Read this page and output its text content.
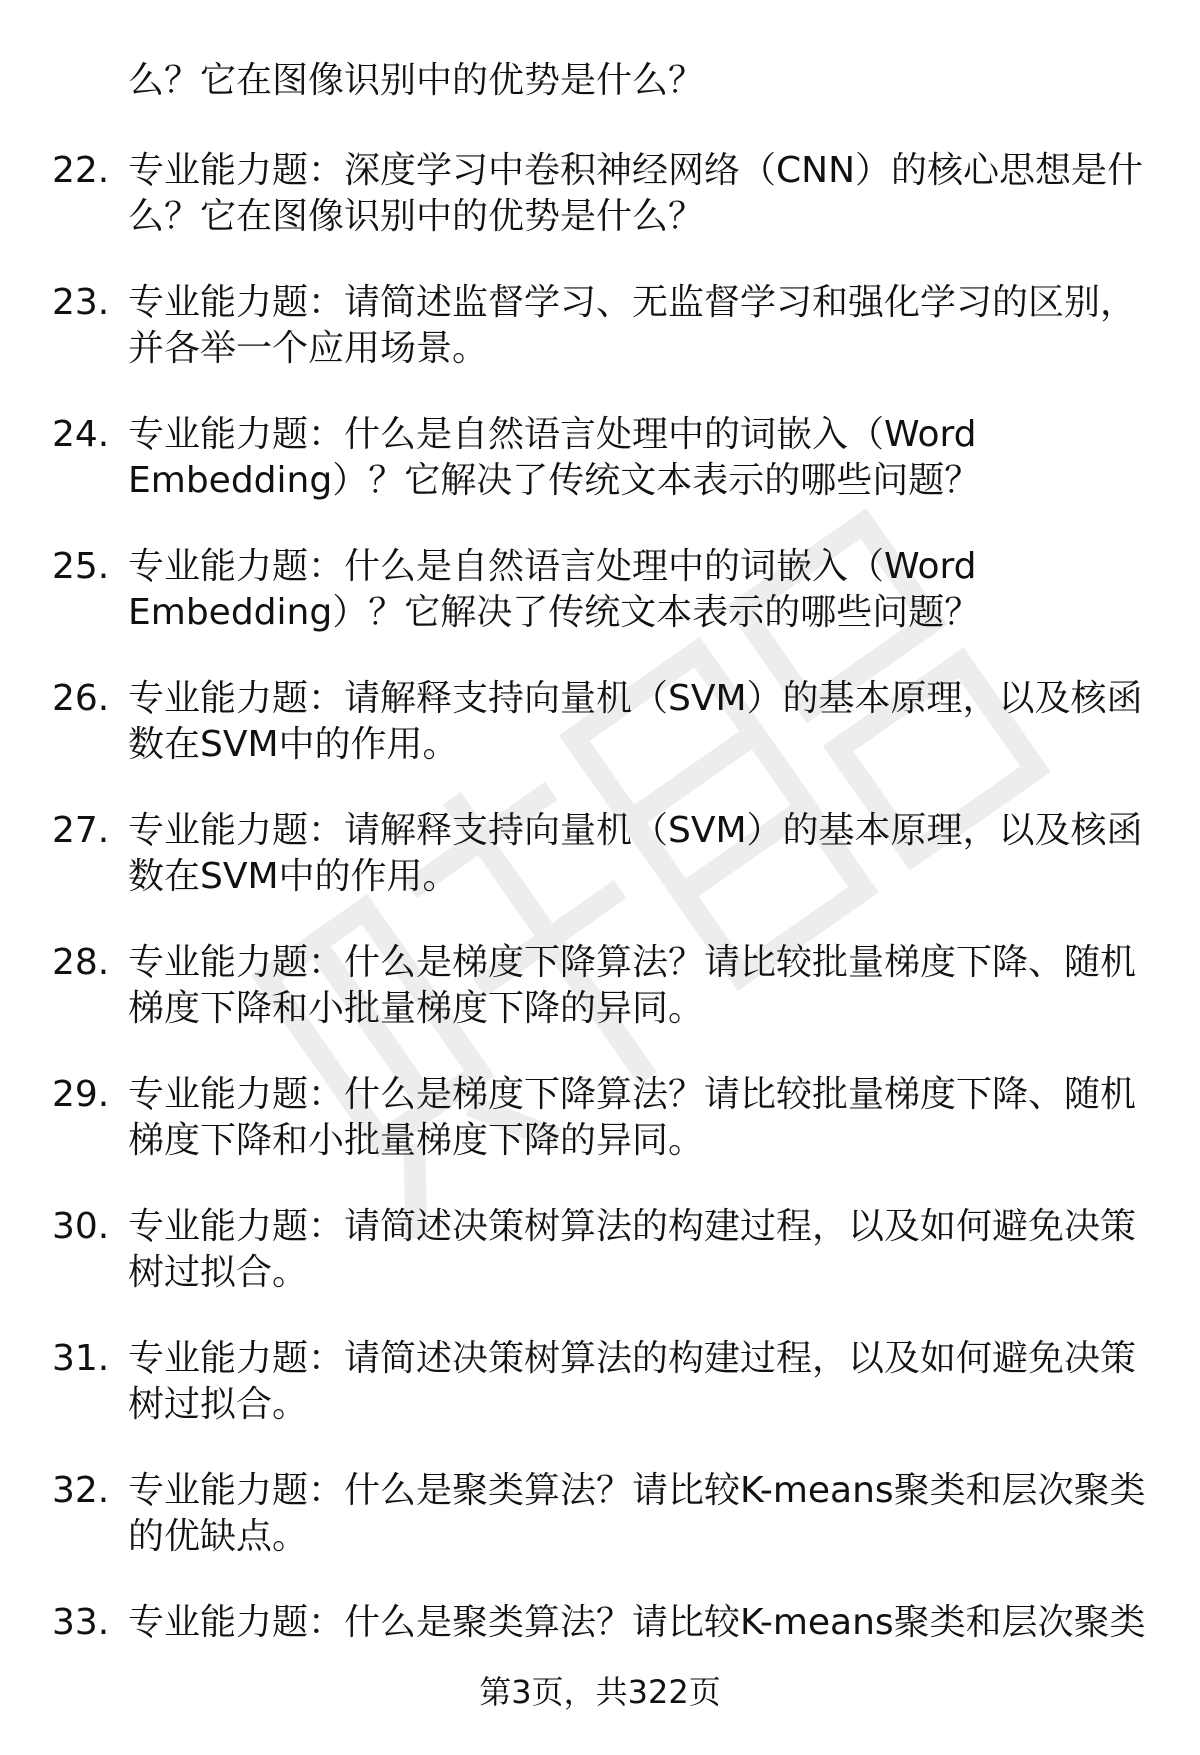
么？它在图像识别中的优势是什么？
22. 专业能力题：深度学习中卷积神经网络（CNN）的核心思想是什
么？它在图像识别中的优势是什么？
23. 专业能力题：请简述监督学习、无监督学习和强化学习的区别，
并各举一个应用场景。
24. 专业能力题：什么是自然语言处理中的词嵌入（Word
Embedding）？它解决了传统文本表示的哪些问题？
25. 专业能力题：什么是自然语言处理中的词嵌入（Word
Embedding）？它解决了传统文本表示的哪些问题？
26. 专业能力题：请解释支持向量机（SVM）的基本原理，以及核函
数在SVM中的作用。
27. 专业能力题：请解释支持向量机（SVM）的基本原理，以及核函
数在SVM中的作用。
28. 专业能力题：什么是梯度下降算法？请比较批量梯度下降、随机
梯度下降和小批量梯度下降的异同。
29. 专业能力题：什么是梯度下降算法？请比较批量梯度下降、随机
梯度下降和小批量梯度下降的异同。
30. 专业能力题：请简述决策树算法的构建过程，以及如何避免决策
树过拟合。
31. 专业能力题：请简述决策树算法的构建过程，以及如何避免决策
树过拟合。
32. 专业能力题：什么是聚类算法？请比较K-means聚类和层次聚类
的优缺点。
33. 专业能力题：什么是聚类算法？请比较K-means聚类和层次聚类
第3页，共322页
